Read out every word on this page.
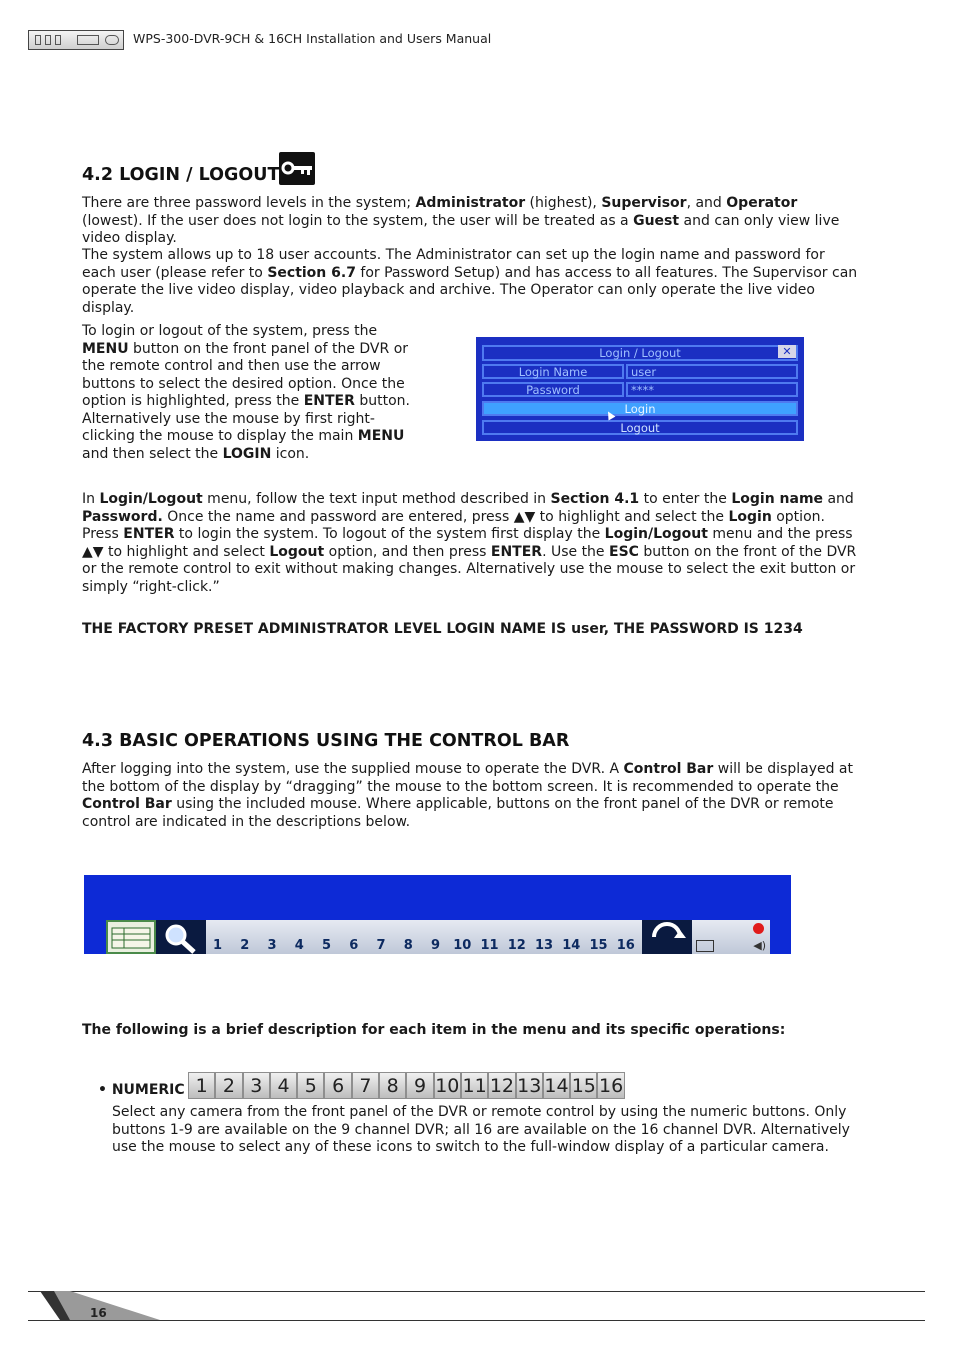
WPS-300-DVR-9CH & 16CH Installation and Users Manual
4.2 LOGIN / LOGOUT
There are three password levels in the system; Administrator (highest), Supervisor, and Operator (lowest). If the user does not login to the system, the user will be treated as a Guest and can only view live video display.
The system allows up to 18 user accounts. The Administrator can set up the login name and password for each user (please refer to Section 6.7 for Password Setup) and has access to all features. The Supervisor can operate the live video display, video playback and archive. The Operator can only operate the live video display.
To login or logout of the system, press the MENU button on the front panel of the DVR or the remote control and then use the arrow buttons to select the desired option. Once the option is highlighted, press the ENTER button. Alternatively use the mouse by first right-clicking the mouse to display the main MENU and then select the LOGIN icon.
Login / Logout	✕
Login Name	user
Password	****
Login
Logout
In Login/Logout menu, follow the text input method described in Section 4.1 to enter the Login name and Password. Once the name and password are entered, press ▲▼ to highlight and select the Login option. Press ENTER to login the system. To logout of the system first display the Login/Logout menu and the press ▲▼ to highlight and select Logout option, and then press ENTER. Use the ESC button on the front of the DVR or the remote control to exit without making changes. Alternatively use the mouse to select the exit button or simply “right-click.”
THE FACTORY PRESET ADMINISTRATOR LEVEL LOGIN NAME IS user, THE PASSWORD IS 1234
4.3 BASIC OPERATIONS USING THE CONTROL BAR
After logging into the system, use the supplied mouse to operate the DVR. A Control Bar will be displayed at the bottom of the display by “dragging” the mouse to the bottom screen. It is recommended to operate the Control Bar using the included mouse. Where applicable, buttons on the front panel of the DVR or remote control are indicated in the descriptions below.
1 2 3 4 5 6 7 8 9 10 11 12 13 14 15 16	◀)
The following is a brief description for each item in the menu and its specific operations:
• NUMERIC 1 2 3 4 5 6 7 8 9 10 11 12 13 14 15 16
Select any camera from the front panel of the DVR or remote control by using the numeric buttons. Only buttons 1-9 are available on the 9 channel DVR; all 16 are available on the 16 channel DVR. Alternatively use the mouse to select any of these icons to switch to the full-window display of a particular camera.
16
